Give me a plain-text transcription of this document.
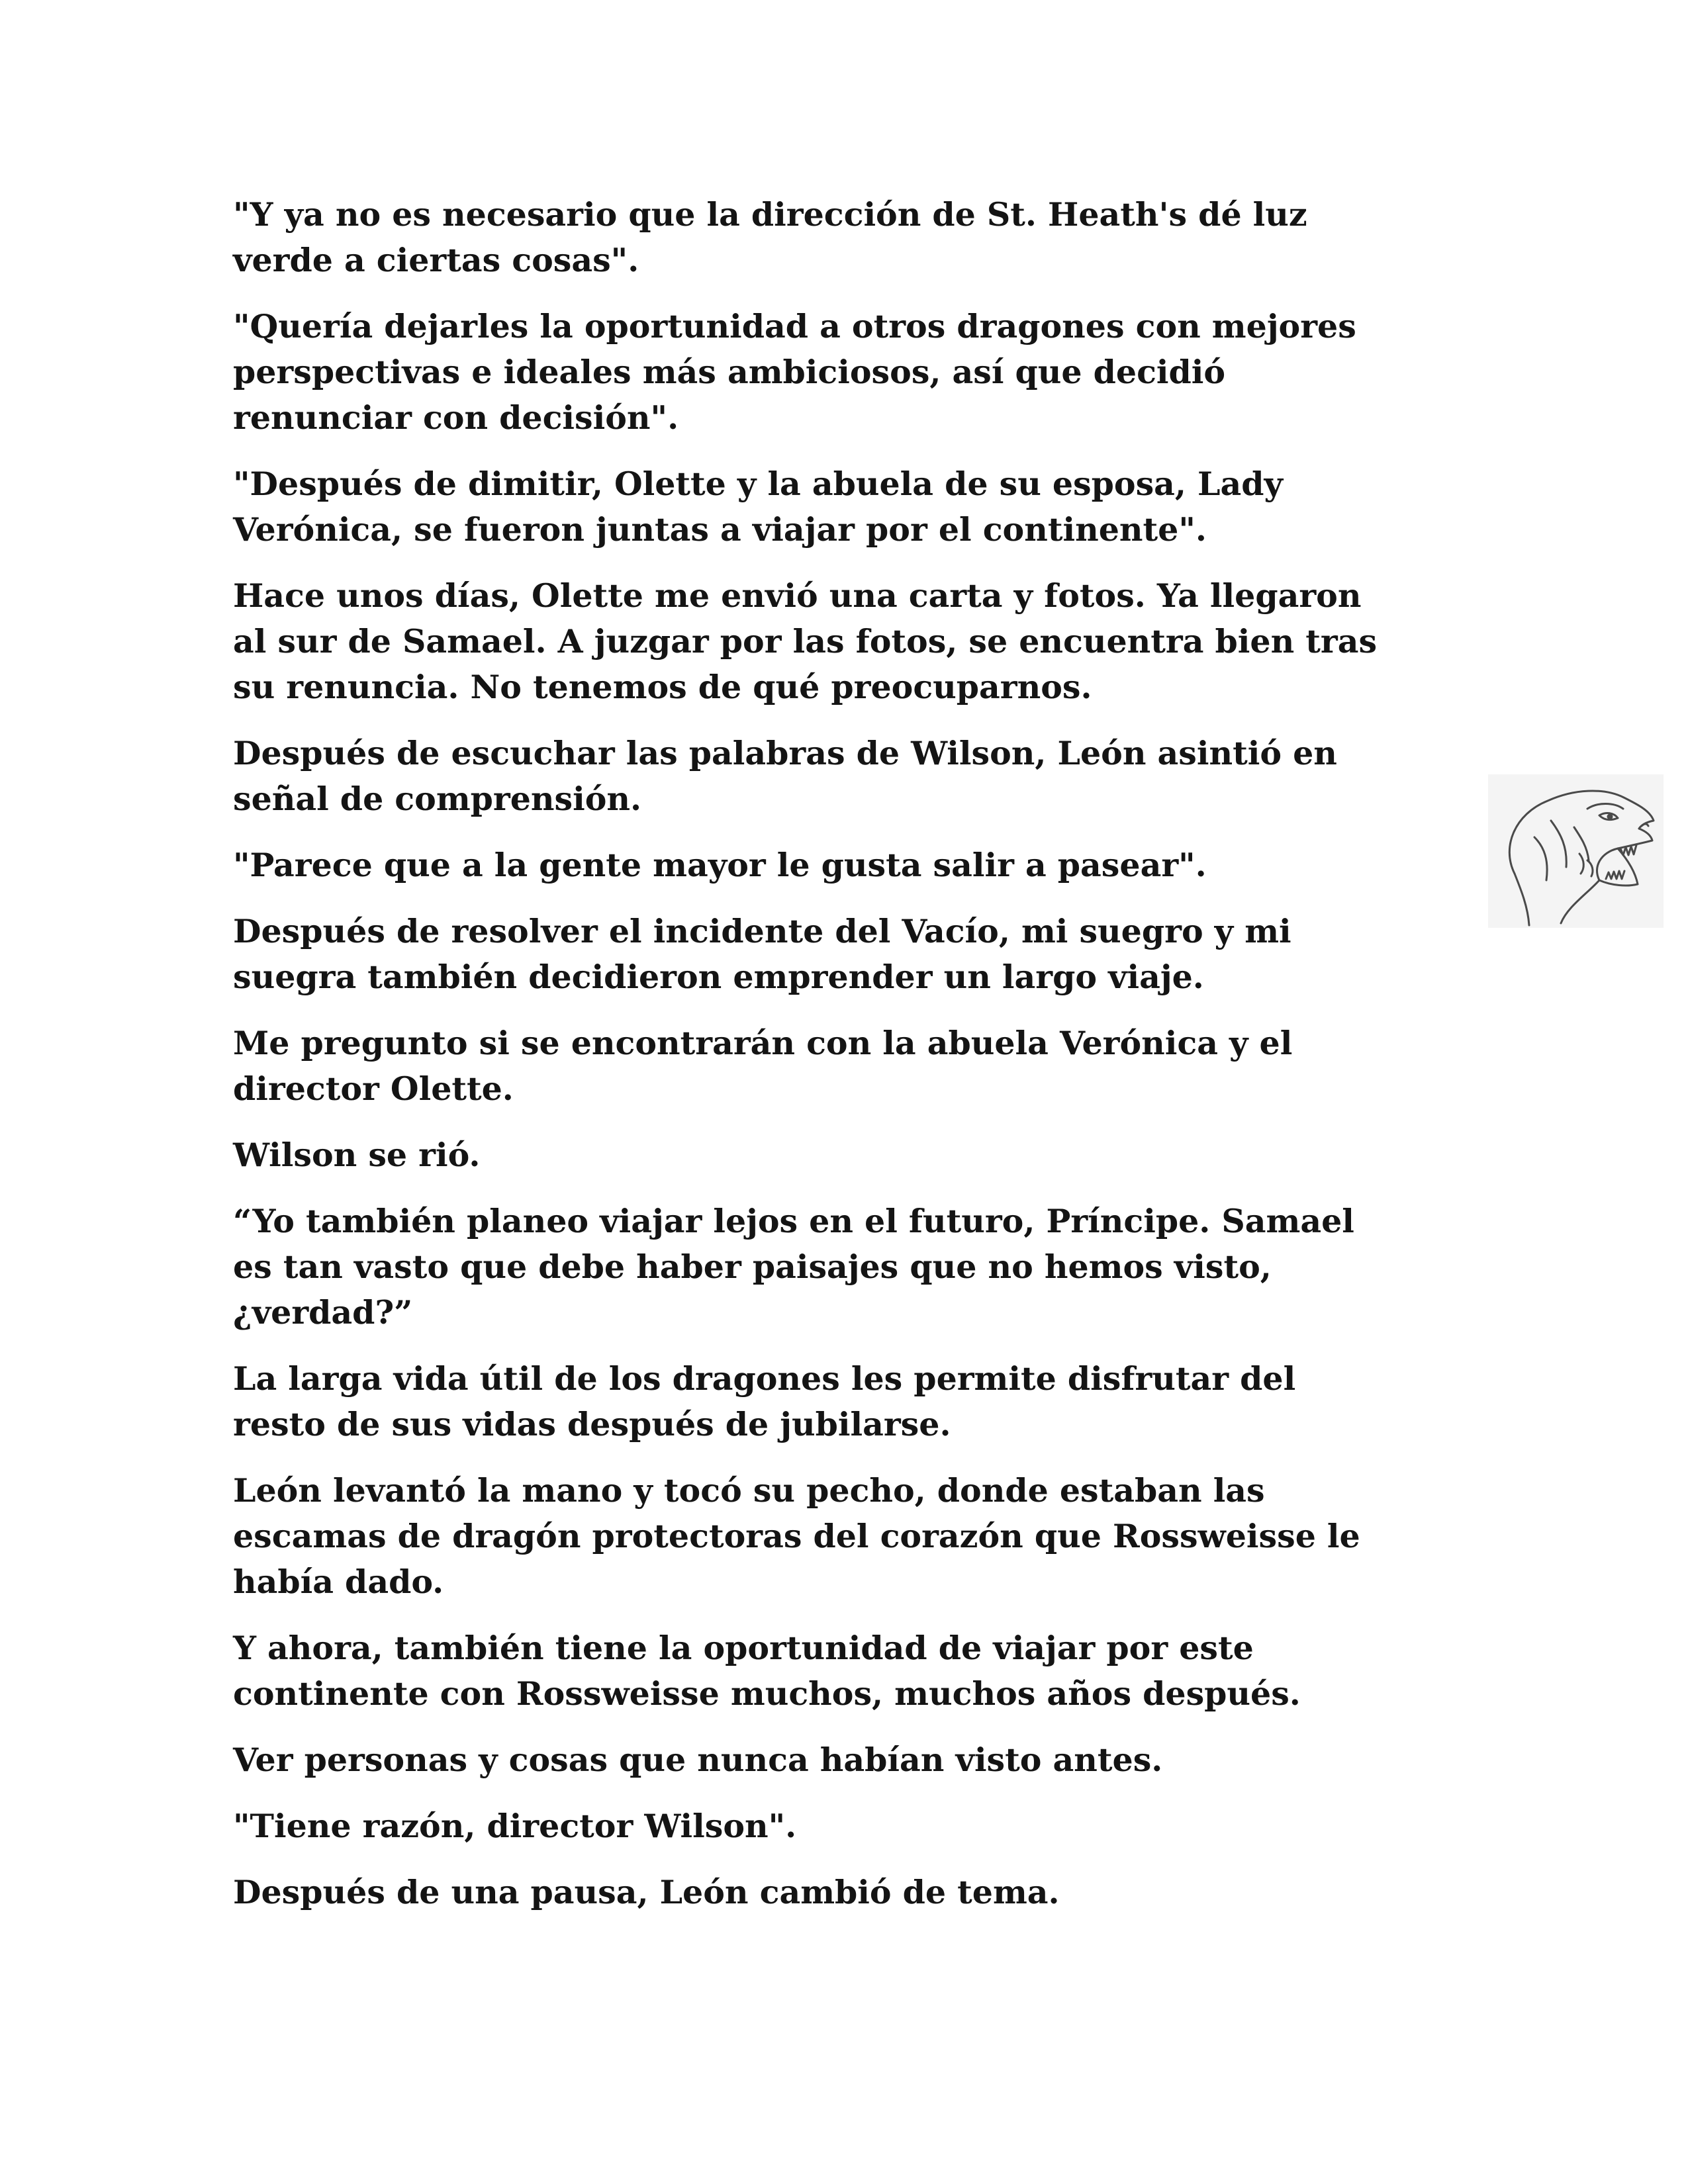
"Y ya no es necesario que la dirección de St. Heath's dé luz
verde a ciertas cosas".

"Quería dejarles la oportunidad a otros dragones con mejores
perspectivas e ideales más ambiciosos, así que decidió
renunciar con decisión".

"Después de dimitir, Olette y la abuela de su esposa, Lady
Verónica, se fueron juntas a viajar por el continente".

Hace unos días, Olette me envió una carta y fotos. Ya llegaron
al sur de Samael. A juzgar por las fotos, se encuentra bien tras
su renuncia. No tenemos de qué preocuparnos.

Después de escuchar las palabras de Wilson, León asintió en
señal de comprensión.

"Parece que a la gente mayor le gusta salir a pasear".

Después de resolver el incidente del Vacío, mi suegro y mi
suegra también decidieron emprender un largo viaje.

Me pregunto si se encontrarán con la abuela Verónica y el
director Olette.

Wilson se rió.

“Yo también planeo viajar lejos en el futuro, Príncipe. Samael
es tan vasto que debe haber paisajes que no hemos visto,
¿verdad?”

La larga vida útil de los dragones les permite disfrutar del
resto de sus vidas después de jubilarse.

León levantó la mano y tocó su pecho, donde estaban las
escamas de dragón protectoras del corazón que Rossweisse le
había dado.

Y ahora, también tiene la oportunidad de viajar por este
continente con Rossweisse muchos, muchos años después.

Ver personas y cosas que nunca habían visto antes.

"Tiene razón, director Wilson".

Después de una pausa, León cambió de tema.
